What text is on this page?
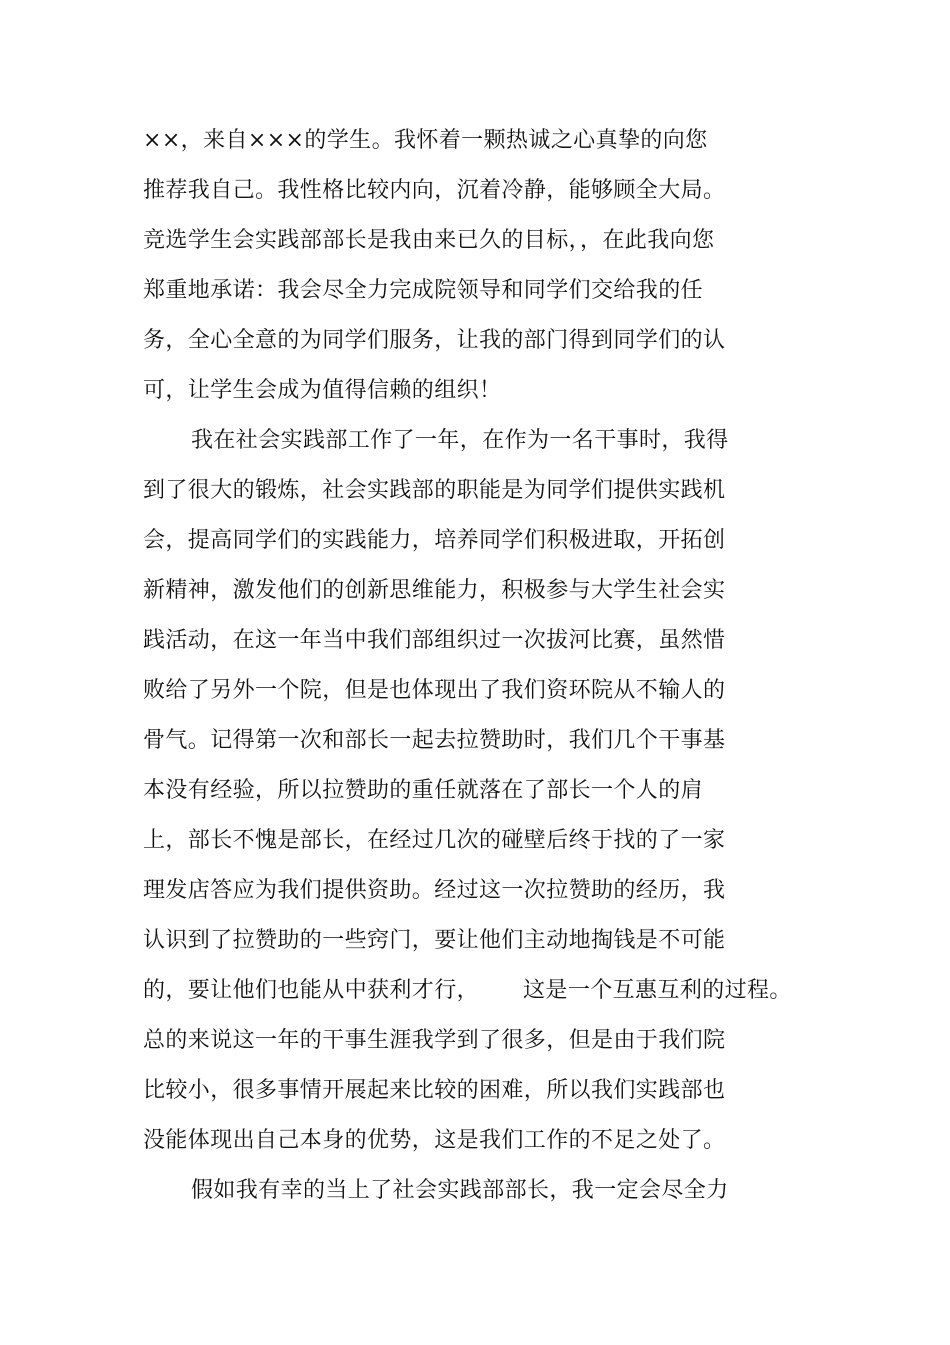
××，来自×××的学生。我怀着一颗热诚之心真挚的向您
推荐我自己。我性格比较内向，沉着冷静，能够顾全大局。
竞选学生会实践部部长是我由来已久的目标，，在此我向您
郑重地承诺：我会尽全力完成院领导和同学们交给我的任
务，全心全意的为同学们服务，让我的部门得到同学们的认
可，让学生会成为值得信赖的组织！
我在社会实践部工作了一年，在作为一名干事时，我得
到了很大的锻炼，社会实践部的职能是为同学们提供实践机
会，提高同学们的实践能力，培养同学们积极进取，开拓创
新精神，激发他们的创新思维能力，积极参与大学生社会实
践活动，在这一年当中我们部组织过一次拔河比赛，虽然惜
败给了另外一个院，但是也体现出了我们资环院从不输人的
骨气。记得第一次和部长一起去拉赞助时，我们几个干事基
本没有经验，所以拉赞助的重任就落在了部长一个人的肩
上，部长不愧是部长，在经过几次的碰壁后终于找的了一家
理发店答应为我们提供资助。经过这一次拉赞助的经历，我
认识到了拉赞助的一些窍门，要让他们主动地掏钱是不可能
的，要让他们也能从中获利才行， 这是一个互惠互利的过程。
总的来说这一年的干事生涯我学到了很多，但是由于我们院
比较小，很多事情开展起来比较的困难，所以我们实践部也
没能体现出自己本身的优势，这是我们工作的不足之处了。
假如我有幸的当上了社会实践部部长，我一定会尽全力
